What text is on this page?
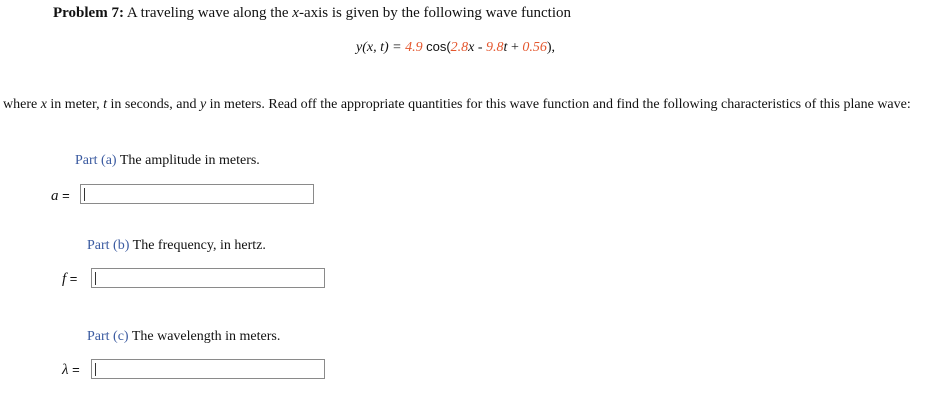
Problem 7: A traveling wave along the x-axis is given by the following wave function
y(x, t) = 4.9 cos(2.8x - 9.8t + 0.56),
where x in meter, t in seconds, and y in meters. Read off the appropriate quantities for this wave function and find the following characteristics of this plane wave:
Part (a) The amplitude in meters.
a =
Part (b) The frequency, in hertz.
f =
Part (c) The wavelength in meters.
λ =
